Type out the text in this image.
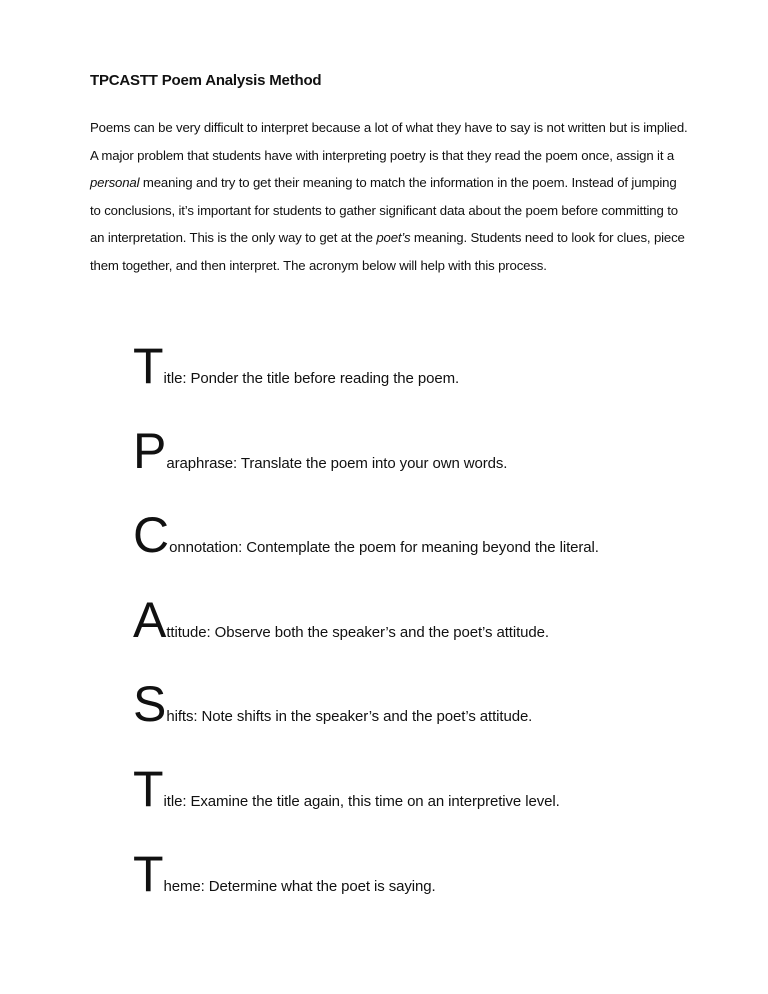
TPCASTT Poem Analysis Method

Poems can be very difficult to interpret because a lot of what they have to say is not written but is implied. A major problem that students have with interpreting poetry is that they read the poem once, assign it a personal meaning and try to get their meaning to match the information in the poem. Instead of jumping to conclusions, it’s important for students to gather significant data about the poem before committing to an interpretation. This is the only way to get at the poet’s meaning. Students need to look for clues, piece them together, and then interpret. The acronym below will help with this process.

T itle: Ponder the title before reading the poem.
P araphrase: Translate the poem into your own words.
C onnotation: Contemplate the poem for meaning beyond the literal.
A ttitude: Observe both the speaker’s and the poet’s attitude.
S hifts: Note shifts in the speaker’s and the poet’s attitude.
T itle: Examine the title again, this time on an interpretive level.
T heme: Determine what the poet is saying.
